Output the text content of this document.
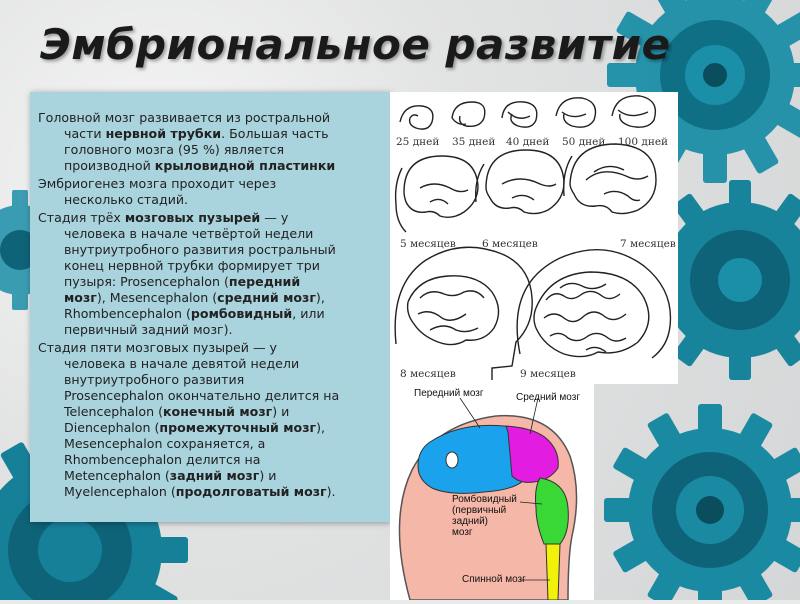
Эмбриональное развитие
Головной мозг развивается из ростральной
части нервной трубки. Большая часть
головного мозга (95 %) является
производной крыловидной пластинки
Эмбриогенез мозга проходит через
несколько стадий.
Стадия трёх мозговых пузырей — у
человека в начале четвёртой недели
внутриутробного развития ростральный
конец нервной трубки формирует три
пузыря: Prosencephalon (передний
мозг), Mesencephalon (средний мозг),
Rhombencephalon (ромбовидный, или
первичный задний мозг).
Стадия пяти мозговых пузырей — у
человека в начале девятой недели
внутриутробного развития
Prosencephalon окончательно делится на
Telencephalon (конечный мозг) и
Diencephalon (промежуточный мозг),
Mesencephalon сохраняется, а
Rhombencephalon делится на
Metencephalon (задний мозг) и
Myelencephalon (продолговатый мозг).
25 дней 35 дней 40 дней 50 дней 100 дней
5 месяцев 6 месяцев	7 месяцев
8 месяцев	9 месяцев
Передний мозг	Средний мозг
Ромбовидный
(первичный
задний)
мозг
Спинной мозг
